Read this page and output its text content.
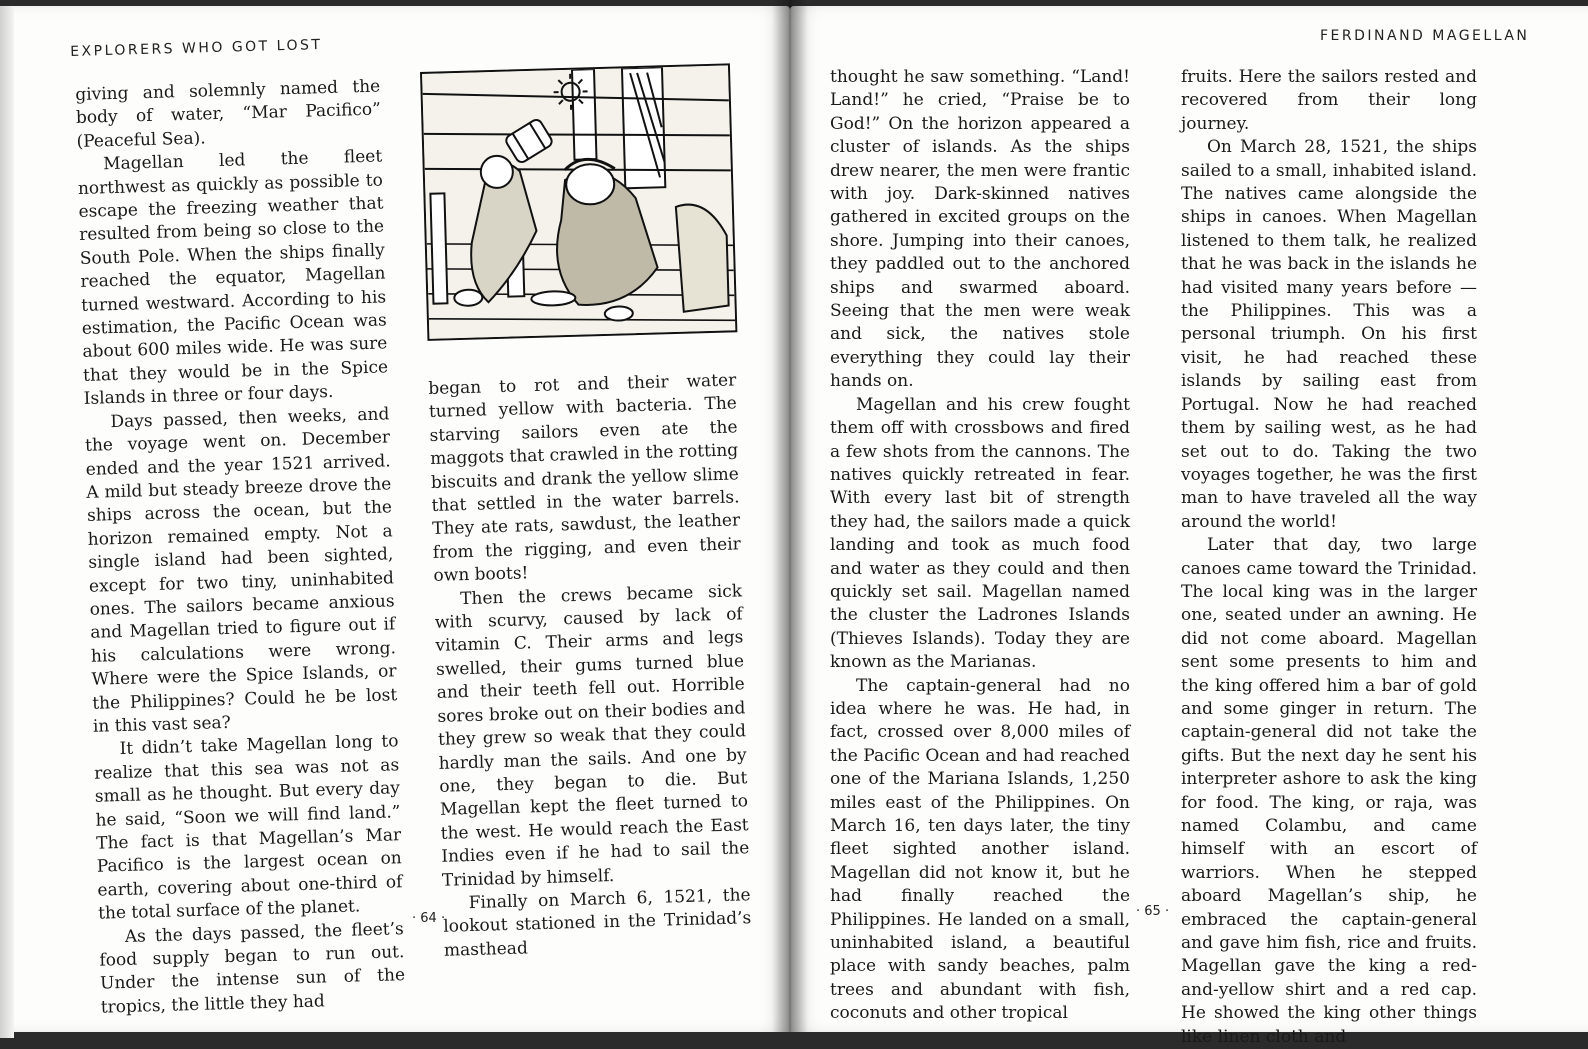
EXPLORERS WHO GOT LOST

giving and solemnly named the body of water, “Mar Pacifico” (Peaceful Sea).

Magellan led the fleet northwest as quickly as possible to escape the freezing weather that resulted from being so close to the South Pole. When the ships finally reached the equator, Magellan turned westward. According to his estimation, the Pacific Ocean was about 600 miles wide. He was sure that they would be in the Spice Islands in three or four days.

Days passed, then weeks, and the voyage went on. December ended and the year 1521 arrived. A mild but steady breeze drove the ships across the ocean, but the horizon remained empty. Not a single island had been sighted, except for two tiny, uninhabited ones. The sailors became anxious and Magellan tried to figure out if his calculations were wrong. Where were the Spice Islands, or the Philippines? Could he be lost in this vast sea?

It didn’t take Magellan long to realize that this sea was not as small as he thought. But every day he said, “Soon we will find land.” The fact is that Magellan’s Mar Pacifico is the largest ocean on earth, covering about one-third of the total surface of the planet.

As the days passed, the fleet’s food supply began to run out. Under the intense sun of the tropics, the little they had

began to rot and their water turned yellow with bacteria. The starving sailors even ate the maggots that crawled in the rotting biscuits and drank the yellow slime that settled in the water barrels. They ate rats, sawdust, the leather from the rigging, and even their own boots!

Then the crews became sick with scurvy, caused by lack of vitamin C. Their arms and legs swelled, their gums turned blue and their teeth fell out. Horrible sores broke out on their bodies and they grew so weak that they could hardly man the sails. And one by one, they began to die. But Magellan kept the fleet turned to the west. He would reach the East Indies even if he had to sail the Trinidad by himself.

Finally on March 6, 1521, the lookout stationed in the Trinidad’s masthead

· 64 ·
FERDINAND MAGELLAN

thought he saw something. “Land! Land!” he cried, “Praise be to God!” On the horizon appeared a cluster of islands. As the ships drew nearer, the men were frantic with joy. Dark-skinned natives gathered in excited groups on the shore. Jumping into their canoes, they paddled out to the anchored ships and swarmed aboard. Seeing that the men were weak and sick, the natives stole everything they could lay their hands on.

Magellan and his crew fought them off with crossbows and fired a few shots from the cannons. The natives quickly retreated in fear. With every last bit of strength they had, the sailors made a quick landing and took as much food and water as they could and then quickly set sail. Magellan named the cluster the Ladrones Islands (Thieves Islands). Today they are known as the Marianas.

The captain-general had no idea where he was. He had, in fact, crossed over 8,000 miles of the Pacific Ocean and had reached one of the Mariana Islands, 1,250 miles east of the Philippines. On March 16, ten days later, the tiny fleet sighted another island. Magellan did not know it, but he had finally reached the Philippines. He landed on a small, uninhabited island, a beautiful place with sandy beaches, palm trees and abundant with fish, coconuts and other tropical

fruits. Here the sailors rested and recovered from their long journey.

On March 28, 1521, the ships sailed to a small, inhabited island. The natives came alongside the ships in canoes. When Magellan listened to them talk, he realized that he was back in the islands he had visited many years before — the Philippines. This was a personal triumph. On his first visit, he had reached these islands by sailing east from Portugal. Now he had reached them by sailing west, as he had set out to do. Taking the two voyages together, he was the first man to have traveled all the way around the world!

Later that day, two large canoes came toward the Trinidad. The local king was in the larger one, seated under an awning. He did not come aboard. Magellan sent some presents to him and the king offered him a bar of gold and some ginger in return. The captain-general did not take the gifts. But the next day he sent his interpreter ashore to ask the king for food. The king, or raja, was named Colambu, and came himself with an escort of warriors. When he stepped aboard Magellan’s ship, he embraced the captain-general and gave him fish, rice and fruits. Magellan gave the king a red-and-yellow shirt and a red cap. He showed the king other things like linen cloth and

· 65 ·
